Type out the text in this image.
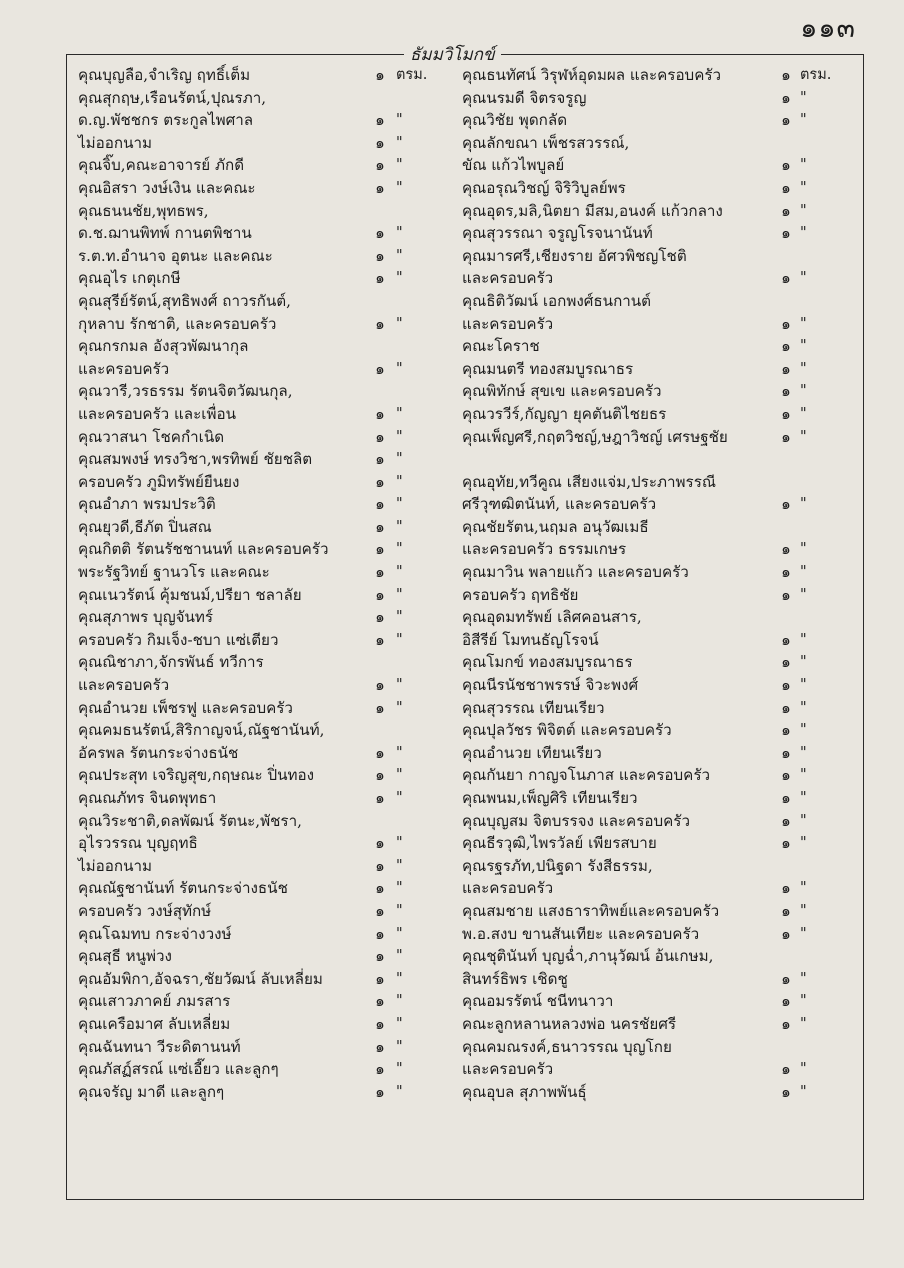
๑๑๓
ธัมมวิโมกข์
คุณบุญลือ,จำเริญ ฤทธิ์เต็ม	๑ ตรม.
คุณสุกฤษ,เรือนรัตน์,ปุณรภา,
ด.ญ.พัชชกร ตระกูลไพศาล	๑ "
ไม่ออกนาม	๑ "
คุณจิ๊บ,คณะอาจารย์ ภักดี	๑ "
คุณอิสรา วงษ์เงิน และคณะ	๑ "
คุณธนนชัย,พุทธพร,
ด.ช.ฌานพิทพ์ กานตพิชาน	๑ "
ร.ต.ท.อำนาจ อุตนะ และคณะ	๑ "
คุณอุไร เกตุเกษี	๑ "
คุณสุรีย์รัตน์,สุทธิพงศ์ ถาวรกันต์,
กุหลาบ รักชาติ, และครอบครัว	๑ "
คุณกรกมล อังสุวพัฒนากุล
และครอบครัว	๑ "
คุณวารี,วรธรรม รัตนจิตวัฒนกุล,
และครอบครัว และเพื่อน	๑ "
คุณวาสนา โชคกำเนิด	๑ "
คุณสมพงษ์ ทรงวิชา,พรทิพย์ ชัยชลิต	๑ "
ครอบครัว ภูมิทรัพย์ยืนยง	๑ "
คุณอำภา พรมประวิติ	๑ "
คุณยุวดี,ธีภัต ปิ่นสณ	๑ "
คุณกิตติ รัตนรัชชานนท์ และครอบครัว	๑ "
พระรัฐวิทย์ ฐานวโร และคณะ	๑ "
คุณเนวรัตน์ คุ้มชนม์,ปรียา ชลาลัย	๑ "
คุณสุภาพร บุญจันทร์	๑ "
ครอบครัว กิมเจ็ง-ชบา แซ่เตียว	๑ "
คุณณิชาภา,จักรพันธ์ ทวีการ
และครอบครัว	๑ "
คุณอำนวย เพ็ชรฟู และครอบครัว	๑ "
คุณคมธนรัตน์,สิริกาญจน์,ณัฐชานันท์,
อัครพล รัตนกระจ่างธนัช	๑ "
คุณประสุท เจริญสุข,กฤษณะ ปิ่นทอง	๑ "
คุณณภัทร จินดพุทธา	๑ "
คุณวิระชาติ,ดลพัฒน์ รัตนะ,พัชรา,
อุไรวรรณ บุญฤทธิ	๑ "
ไม่ออกนาม	๑ "
คุณณัฐชานันท์ รัตนกระจ่างธนัช	๑ "
ครอบครัว วงษ์สุทักษ์	๑ "
คุณโฉมทบ กระจ่างวงษ์	๑ "
คุณสุธี หนูพ่วง	๑ "
คุณอัมพิกา,อัจฉรา,ชัยวัฒน์ ลับเหลี่ยม	๑ "
คุณเสาวภาคย์ ภมรสาร	๑ "
คุณเครือมาศ ลับเหลี่ยม	๑ "
คุณฉันทนา วีระดิตานนท์	๑ "
คุณภัสฏ์สรณ์ แซ่เอี๊ยว และลูกๆ	๑ "
คุณจรัญ มาดี และลูกๆ	๑ "
คุณธนทัศน์ วิรุฬห์อุดมผล และครอบครัว	๑ ตรม.
คุณนรมดี จิตรจรูญ	๑ "
คุณวิชัย พุดกลัด	๑ "
คุณลักขณา เพ็ชรสวรรณ์,
ขัณ แก้วไพบูลย์	๑ "
คุณอรุณวิชญ์ จิริวิบูลย์พร	๑ "
คุณอุดร,มลิ,นิตยา มีสม,อนงค์ แก้วกลาง	๑ "
คุณสุวรรณา จรูญโรจนานันท์	๑ "
คุณมารศรี,เชียงราย อัศวพิชญโชติ
และครอบครัว	๑ "
คุณธิติวัฒน์ เอกพงศ์ธนกานต์
และครอบครัว	๑ "
คณะโคราช	๑ "
คุณมนตรี ทองสมบูรณาธร	๑ "
คุณพิทักษ์ สุขเข และครอบครัว	๑ "
คุณวรวีร์,กัญญา ยุคตันติไชยธร	๑ "
คุณเพ็ญศรี,กฤตวิชญ์,ษฎาวิชญ์ เศรษฐชัย	๑ "
คุณอุทัย,ทวีคูณ เสียงแจ่ม,ประภาพรรณี
ศรีวุฑฒิตนันท์, และครอบครัว	๑ "
คุณชัยรัตน,นฤมล อนุวัฒเมธี
และครอบครัว ธรรมเกษร	๑ "
คุณมาวิน พลายแก้ว และครอบครัว	๑ "
ครอบครัว ฤทธิชัย	๑ "
คุณอุดมทรัพย์ เลิศคอนสาร,
อิสีรีย์ โมทนธัญโรจน์	๑ "
คุณโมกข์ ทองสมบูรณาธร	๑ "
คุณนีรนัชชาพรรษ์ จิวะพงศ์	๑ "
คุณสุวรรณ เทียนเรียว	๑ "
คุณปุลวัชร พิจิตต์ และครอบครัว	๑ "
คุณอำนวย เทียนเรียว	๑ "
คุณกันยา กาญจโนภาส และครอบครัว	๑ "
คุณพนม,เพ็ญศิริ เทียนเรียว	๑ "
คุณบุญสม จิตบรรจง และครอบครัว	๑ "
คุณธีรวุฒิ,ไพรวัลย์ เพียรสบาย	๑ "
คุณรฐรภัท,ปนิฐดา รังสีธรรม,
และครอบครัว	๑ "
คุณสมชาย แสงธาราทิพย์และครอบครัว	๑ "
พ.อ.สงบ ขานสันเทียะ และครอบครัว	๑ "
คุณชุตินันท์ บุญฉ่ำ,ภานุวัฒน์ อ้นเกษม,
สินทร์ธิพร เชิดชู	๑ "
คุณอมรรัตน์ ชนีทนาวา	๑ "
คณะลูกหลานหลวงพ่อ นครชัยศรี	๑ "
คุณคมณรงค์,ธนาวรรณ บุญโกย
และครอบครัว	๑ "
คุณอุบล สุภาพพันธุ์	๑ "
